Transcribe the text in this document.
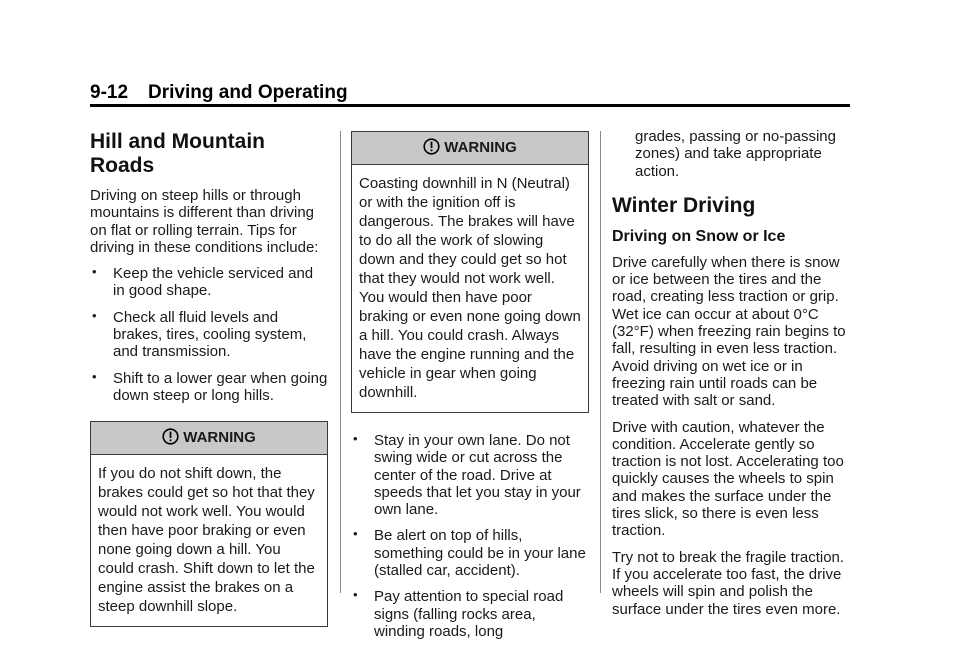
9-12 Driving and Operating
Hill and Mountain Roads

Driving on steep hills or through mountains is different than driving on flat or rolling terrain. Tips for driving in these conditions include:

• Keep the vehicle serviced and in good shape.
• Check all fluid levels and brakes, tires, cooling system, and transmission.
• Shift to a lower gear when going down steep or long hills.
WARNING
If you do not shift down, the brakes could get so hot that they would not work well. You would then have poor braking or even none going down a hill. You could crash. Shift down to let the engine assist the brakes on a steep downhill slope.
WARNING
Coasting downhill in N (Neutral) or with the ignition off is dangerous. The brakes will have to do all the work of slowing down and they could get so hot that they would not work well. You would then have poor braking or even none going down a hill. You could crash. Always have the engine running and the vehicle in gear when going downhill.
• Stay in your own lane. Do not swing wide or cut across the center of the road. Drive at speeds that let you stay in your own lane.
• Be alert on top of hills, something could be in your lane (stalled car, accident).
• Pay attention to special road signs (falling rocks area, winding roads, long

grades, passing or no-passing zones) and take appropriate action.

Winter Driving
Driving on Snow or Ice

Drive carefully when there is snow or ice between the tires and the road, creating less traction or grip. Wet ice can occur at about 0°C (32°F) when freezing rain begins to fall, resulting in even less traction. Avoid driving on wet ice or in freezing rain until roads can be treated with salt or sand.

Drive with caution, whatever the condition. Accelerate gently so traction is not lost. Accelerating too quickly causes the wheels to spin and makes the surface under the tires slick, so there is even less traction.

Try not to break the fragile traction. If you accelerate too fast, the drive wheels will spin and polish the surface under the tires even more.
